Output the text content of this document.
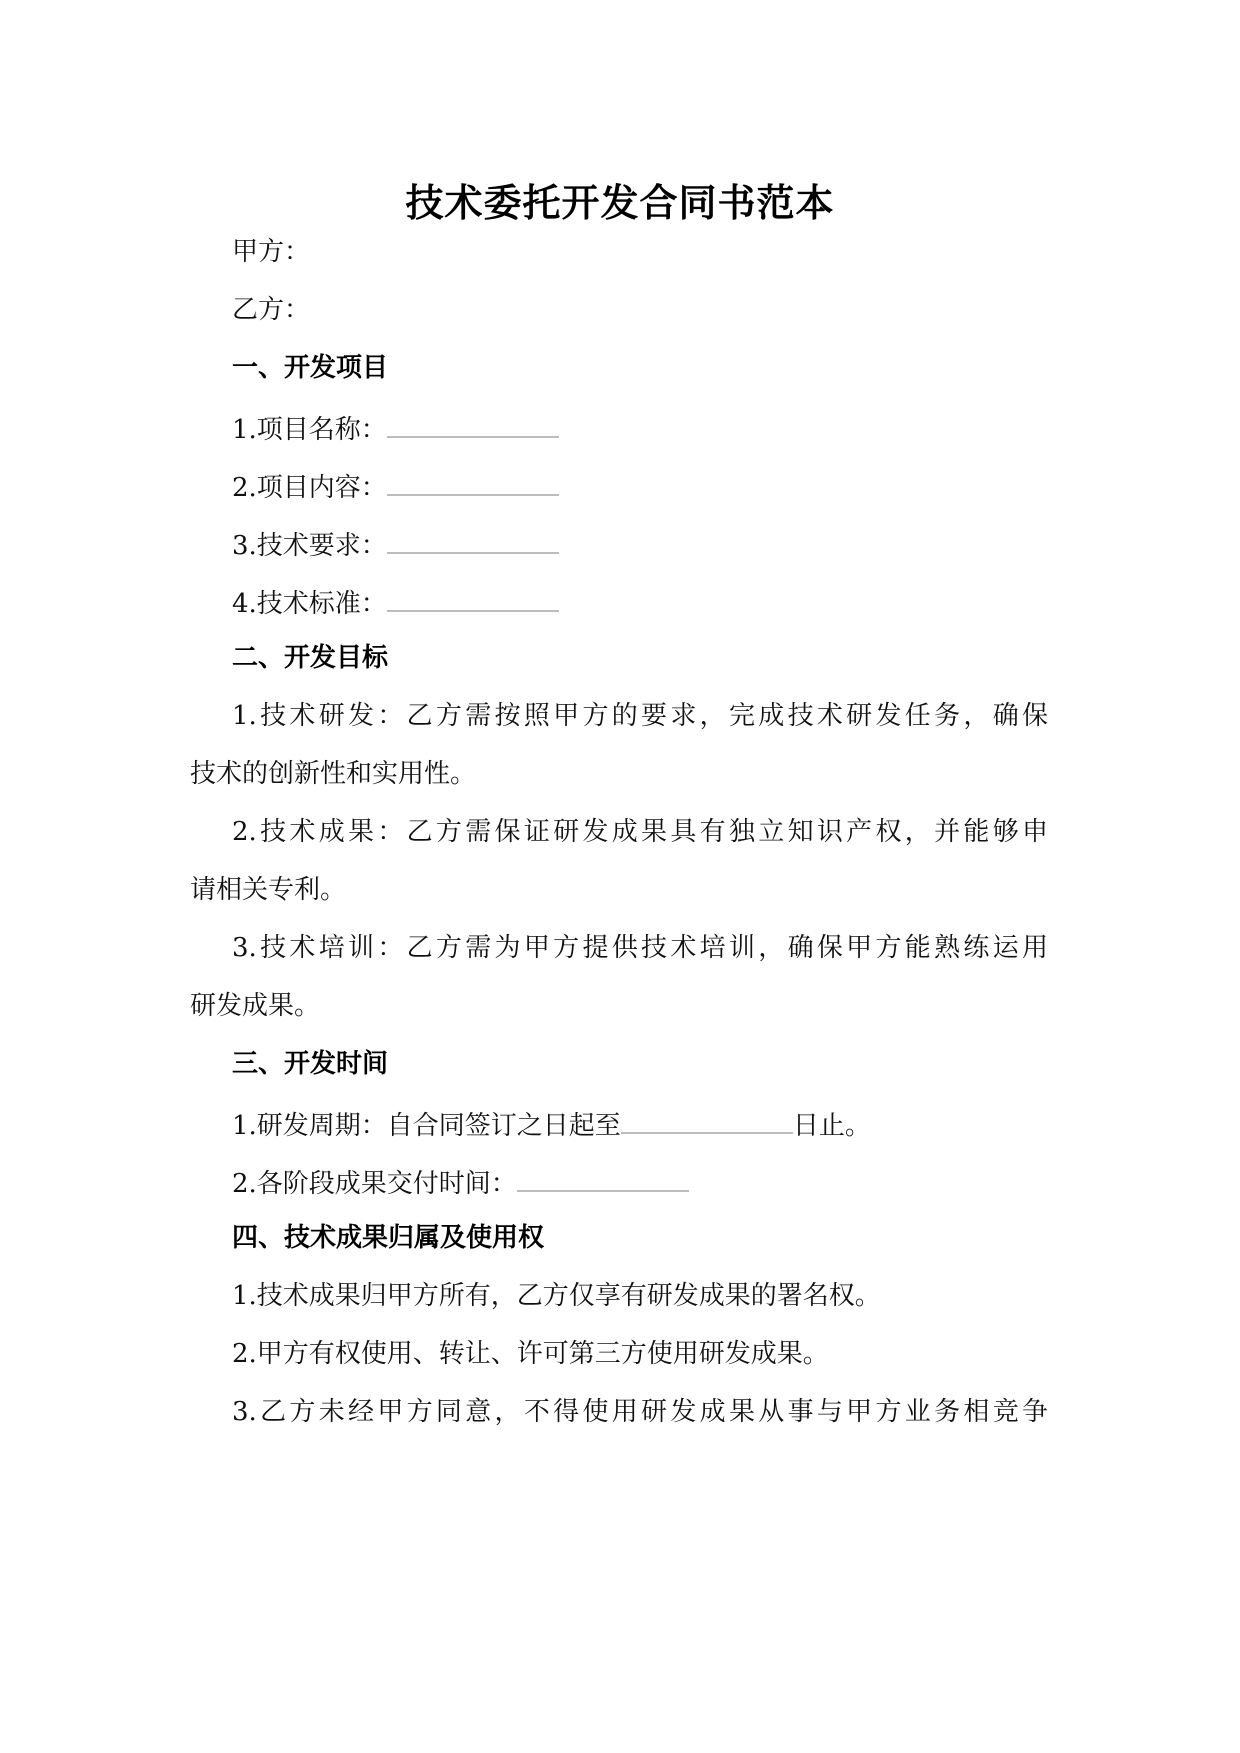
技术委托开发合同书范本
甲方：
乙方：
一、开发项目
1.项目名称：
2.项目内容：
3.技术要求：
4.技术标准：
二、开发目标
1.技术研发：乙方需按照甲方的要求，完成技术研发任务，确保
技术的创新性和实用性。
2.技术成果：乙方需保证研发成果具有独立知识产权，并能够申
请相关专利。
3.技术培训：乙方需为甲方提供技术培训，确保甲方能熟练运用
研发成果。
三、开发时间
1.研发周期：自合同签订之日起至	日止。
2.各阶段成果交付时间：
四、技术成果归属及使用权
1.技术成果归甲方所有，乙方仅享有研发成果的署名权。
2.甲方有权使用、转让、许可第三方使用研发成果。
3.乙方未经甲方同意，不得使用研发成果从事与甲方业务相竞争
